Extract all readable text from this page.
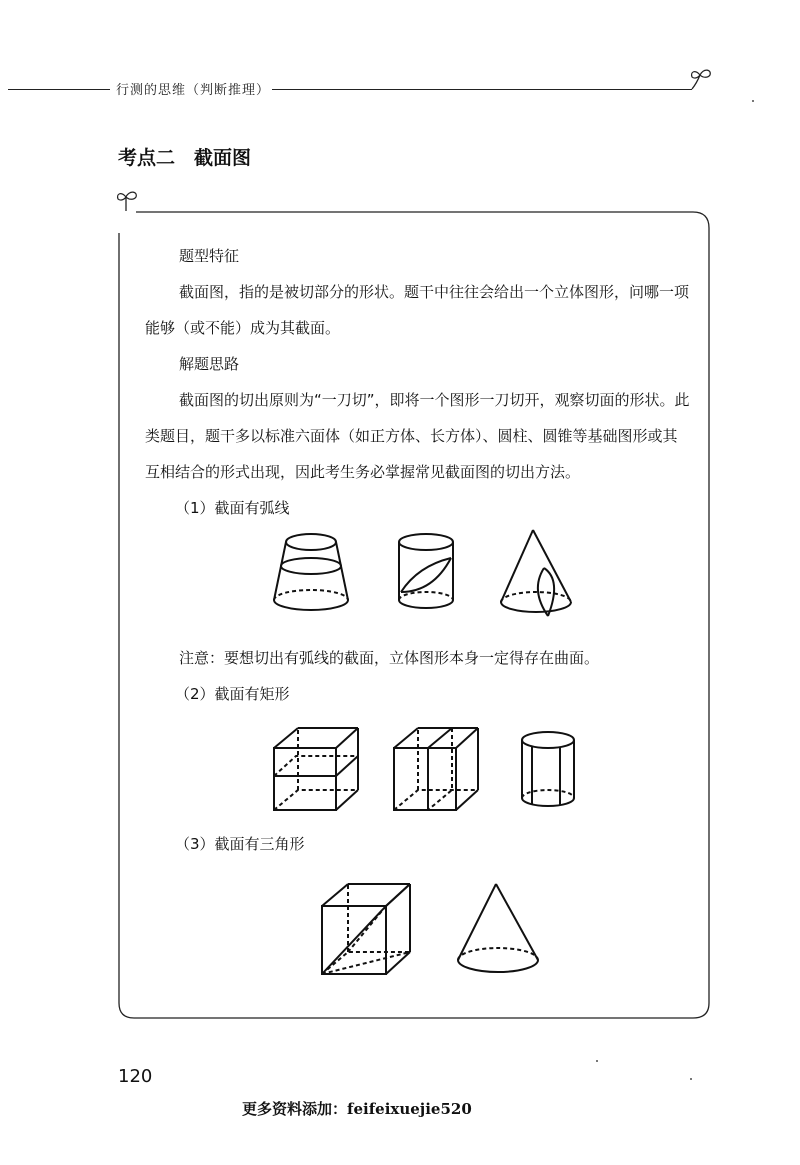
行测的思维（判断推理）
考点二　截面图

题型特征

截面图，指的是被切部分的形状。题干中往往会给出一个立体图形，问哪一项能够（或不能）成为其截面。

解题思路

截面图的切出原则为“一刀切”，即将一个图形一刀切开，观察切面的形状。此类题目，题干多以标准六面体（如正方体、长方体）、圆柱、圆锥等基础图形或其互相结合的形式出现，因此考生务必掌握常见截面图的切出方法。

（1）截面有弧线

注意：要想切出有弧线的截面，立体图形本身一定得存在曲面。

（2）截面有矩形

（3）截面有三角形

120
更多资料添加：feifeixuejie520
